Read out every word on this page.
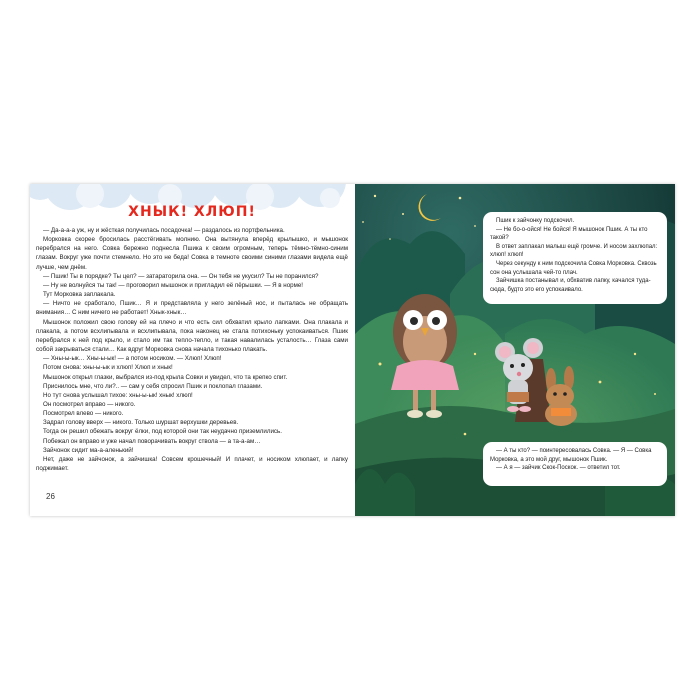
ХНЫК! ХЛЮП!

— Да-а-а-а уж, ну и жёсткая получилась посадочка! — раздалось из портфельника.

Морковка скорее бросилась расстёгивать молнию. Она вытянула вперёд крылышко, и мышонок перебрался на него. Совка бережно поднесла Пшика к своим огромным, теперь тёмно-тёмно-синим глазам. Вокруг уже почти стемнело. Но это не беда! Совка в темноте своими синими глазами видела ещё лучше, чем днём.

— Пшик! Ты в порядке? Ты цел? — затараторила она. — Он тебя не укусил? Ты не поранился?

— Ну не волнуйся ты так! — проговорил мышонок и пригладил её пёрышки. — Я в норме!

Тут Морковка заплакала.

— Ничто не сработало, Пшик… Я и представляла у него зелёный нос, и пыталась не обращать внимания… С ним ничего не работает! Хнык-хнык…

Мышонок положил свою голову ей на плечо и что есть сил обхватил крыло лапками. Она плакала и плакала, а потом всхлипывала и всхлипывала, пока наконец не стала потихоньку успокаиваться. Пшик перебрался к ней под крыло, и стало им так тепло-тепло, и такая навалилась усталость… Глаза сами собой закрываться стали… Как вдруг Морковка снова начала тихонько плакать.

— Хны-ы-ык… Хны-ы-ык! — а потом носиком. — Хлюп! Хлюп!

Потом снова: хны-ы-ык и хлюп! Хлюп и хнык!

Мышонок открыл глазки, выбрался из-под крыла Совки и увидел, что та крепко спит.

Приснилось мне, что ли?.. — сам у себя спросил Пшик и поклопал глазами.

Но тут снова услышал тихое: хны-ы-ык! хнык! хлюп!

Он посмотрел вправо — никого.

Посмотрел влево — никого.

Задрал голову вверх — никого. Только шуршат верхушки деревьев.

Тогда он решил обежать вокруг ёлки, под которой они так неудачно приземлились.

Побежал он вправо и уже начал поворачивать вокруг ствола — а та-а-ам…

Зайчонок сидит ма-а-аленький!

Нет, даже не зайчонок, а зайчишка! Совсем крошечный! И плачет, и носиком хлюпает, и лапку поджимает.

26

Пшик к зайчонку подскочил.

— Не бо-о-ойся! Не бойся! Я мышонок Пшик. А ты кто такой?

В ответ заплакал малыш ещё громче. И носом захлюпал: хлюп! хлюп!

Через секунду к ним подскочила Совка Морковка. Сквозь сон она услышала чей-то плач.

Зайчишка постанывал и, обхватив лапку, качался туда-сюда, будто это его успокаивало.

— А ты кто? — поинтересовалась Совка. — Я — Совка Морковка, а это мой друг, мышонок Пшик.

— А я — зайчик Скок-Поскок. — ответил тот.
